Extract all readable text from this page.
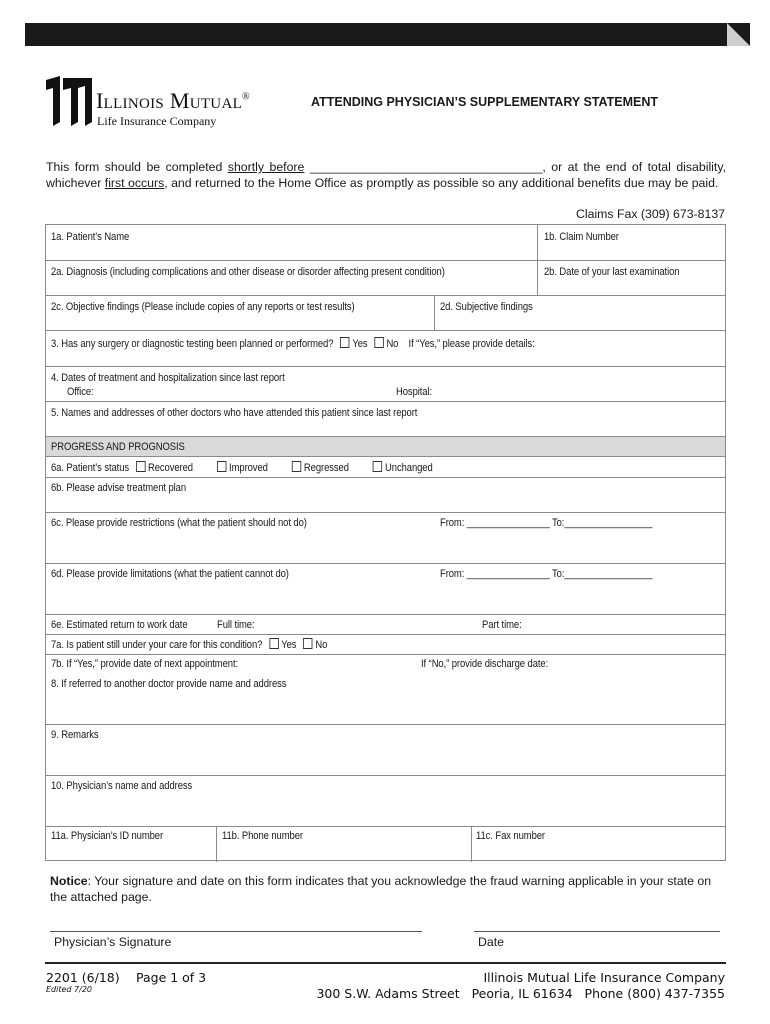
Illinois Mutual®
Life Insurance Company
ATTENDING PHYSICIAN’S SUPPLEMENTARY STATEMENT
This form should be completed shortly before __________________________________, or at the end of total disability, whichever first occurs, and returned to the Home Office as promptly as possible so any additional benefits due may be paid.
Claims Fax (309) 673-8137
1a. Patient’s Name	1b. Claim Number
2a. Diagnosis (including complications and other disease or disorder affecting present condition)	2b. Date of your last examination
2c. Objective findings (Please include copies of any reports or test results)	2d. Subjective findings
3. Has any surgery or diagnostic testing been planned or performed? Yes No If “Yes,” please provide details:
4. Dates of treatment and hospitalization since last report
Office:	Hospital:
5. Names and addresses of other doctors who have attended this patient since last report
PROGRESS AND PROGNOSIS
6a. Patient’s status Recovered	Improved	Regressed	Unchanged
6b. Please advise treatment plan
6c. Please provide restrictions (what the patient should not do)	From: ________________ To:_________________
6d. Please provide limitations (what the patient cannot do)	From: ________________ To:_________________
6e. Estimated return to work date	Full time:	Part time:
7a. Is patient still under your care for this condition? Yes No
7b. If “Yes,” provide date of next appointment:	If “No,” provide discharge date:
8. If referred to another doctor provide name and address
9. Remarks
10. Physician’s name and address
11a. Physician’s ID number	11b. Phone number	11c. Fax number
Notice: Your signature and date on this form indicates that you acknowledge the fraud warning applicable in your state on the attached page.
Physician’s Signature	Date
2201 (6/18)
Edited 7/20
Page 1 of 3	Illinois Mutual Life Insurance Company
300 S.W. Adams Street Peoria, IL 61634 Phone (800) 437-7355
